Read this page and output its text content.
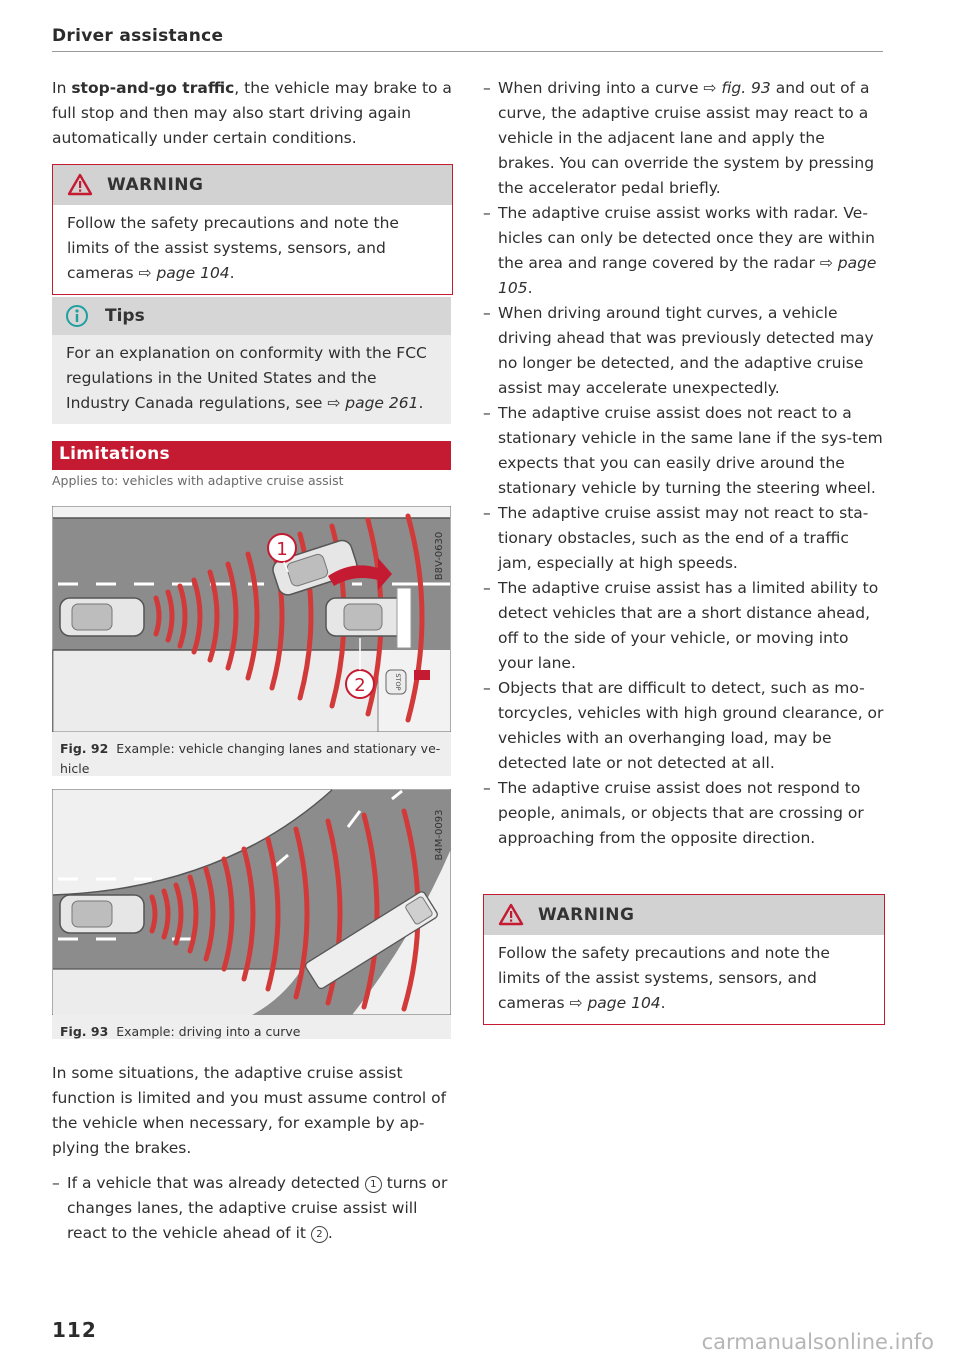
Driver assistance
In stop-and-go traffic, the vehicle may brake to a full stop and then may also start driving again automatically under certain conditions.
WARNING
Follow the safety precautions and note the limits of the assist systems, sensors, and cameras ⇨ page 104.
Tips
For an explanation on conformity with the FCC regulations in the United States and the Industry Canada regulations, see ⇨ page 261.
Limitations
Applies to: vehicles with adaptive cruise assist
1
2	STOP
B8V-0630
Fig. 92 Example: vehicle changing lanes and stationary ve-hicle
B4M-0093
Fig. 93 Example: driving into a curve
In some situations, the adaptive cruise assist function is limited and you must assume control of the vehicle when necessary, for example by ap-plying the brakes.
– If a vehicle that was already detected 1 turns or changes lanes, the adaptive cruise assist will react to the vehicle ahead of it 2 .
– When driving into a curve ⇨ fig. 93 and out of a curve, the adaptive cruise assist may react to a vehicle in the adjacent lane and apply the brakes. You can override the system by pressing the accelerator pedal briefly.
– The adaptive cruise assist works with radar. Ve-hicles can only be detected once they are within the area and range covered by the radar ⇨ page 105.
– When driving around tight curves, a vehicle driving ahead that was previously detected may no longer be detected, and the adaptive cruise assist may accelerate unexpectedly.
– The adaptive cruise assist does not react to a stationary vehicle in the same lane if the sys-tem expects that you can easily drive around the stationary vehicle by turning the steering wheel.
– The adaptive cruise assist may not react to sta-tionary obstacles, such as the end of a traffic jam, especially at high speeds.
– The adaptive cruise assist has a limited ability to detect vehicles that are a short distance ahead, off to the side of your vehicle, or moving into your lane.
– Objects that are difficult to detect, such as mo-torcycles, vehicles with high ground clearance, or vehicles with an overhanging load, may be detected late or not detected at all.
– The adaptive cruise assist does not respond to people, animals, or objects that are crossing or approaching from the opposite direction.
WARNING
Follow the safety precautions and note the limits of the assist systems, sensors, and cameras ⇨ page 104.
112	carmanualsonline.info
